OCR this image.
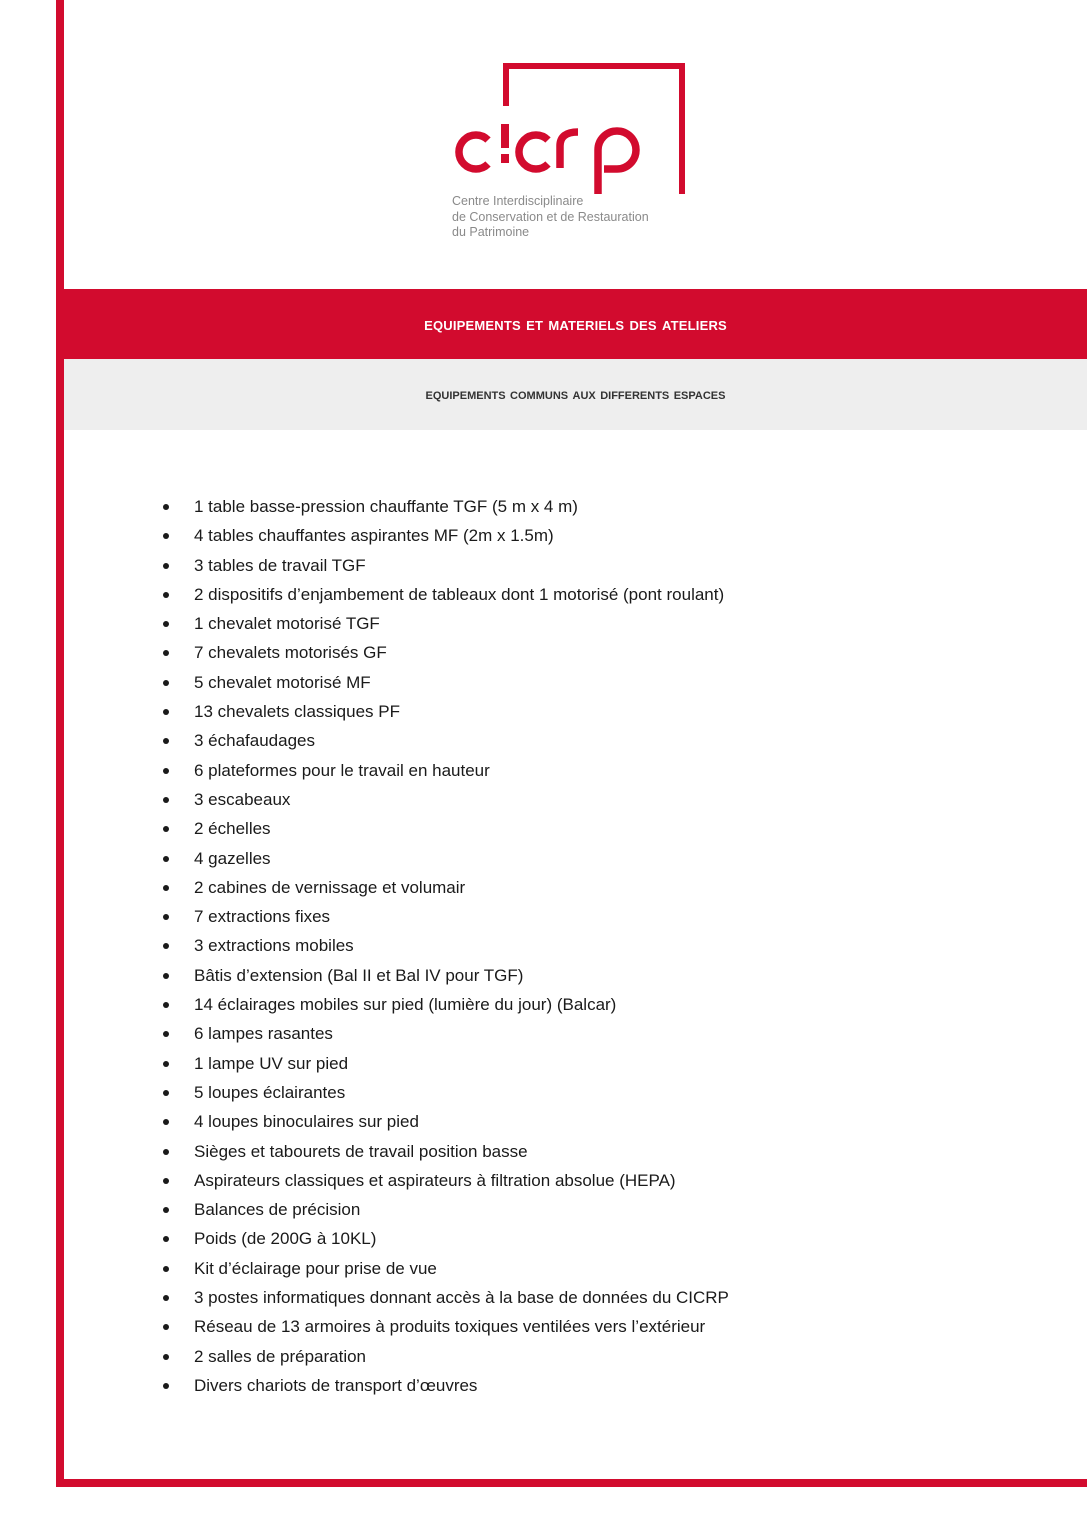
Centre Interdisciplinaire
de Conservation et de Restauration
du Patrimoine
equipements et materiels des ateliers
equipements communs aux differents espaces
1 table basse-pression chauffante TGF (5 m x 4 m)
4 tables chauffantes aspirantes MF (2m x 1.5m)
3 tables de travail TGF
2 dispositifs d’enjambement de tableaux dont 1 motorisé (pont roulant)
1 chevalet motorisé TGF
7 chevalets motorisés GF
5 chevalet motorisé MF
13 chevalets classiques PF
3 échafaudages
6 plateformes pour le travail en hauteur
3 escabeaux
2 échelles
4 gazelles
2 cabines de vernissage et volumair
7 extractions fixes
3 extractions mobiles
Bâtis d’extension (Bal II et Bal IV pour TGF)
14 éclairages mobiles sur pied (lumière du jour) (Balcar)
6 lampes rasantes
1 lampe UV sur pied
5 loupes éclairantes
4 loupes binoculaires sur pied
Sièges et tabourets de travail position basse
Aspirateurs classiques et aspirateurs à filtration absolue (HEPA)
Balances de précision
Poids (de 200G à 10KL)
Kit d’éclairage pour prise de vue
3 postes informatiques donnant accès à la base de données du CICRP
Réseau de 13 armoires à produits toxiques ventilées vers l’extérieur
2 salles de préparation
Divers chariots de transport d’œuvres
